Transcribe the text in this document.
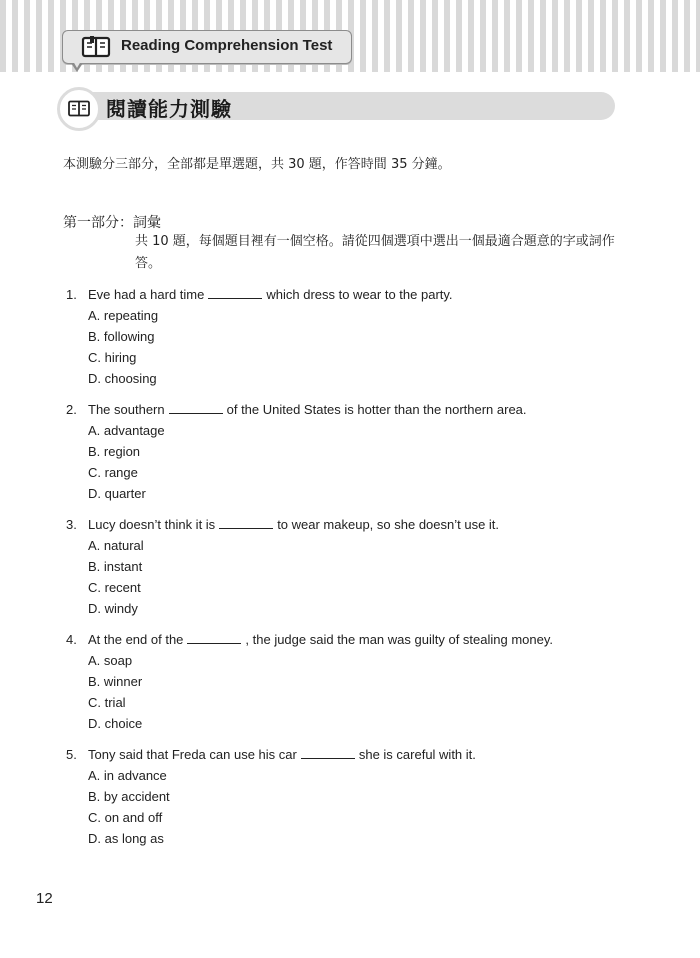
Reading Comprehension Test
閱讀能力測驗
本測驗分三部分，全部都是單選題，共 30 題，作答時間 35 分鐘。
第一部分：詞彙
共 10 題，每個題目裡有一個空格。請從四個選項中選出一個最適合題意的字或詞作答。
1. Eve had a hard time	which dress to wear to the party.
A. repeating
B. following
C. hiring
D. choosing
2. The southern	of the United States is hotter than the northern area.
A. advantage
B. region
C. range
D. quarter
3. Lucy doesn’t think it is	to wear makeup, so she doesn’t use it.
A. natural
B. instant
C. recent
D. windy
4. At the end of the	, the judge said the man was guilty of stealing money.
A. soap
B. winner
C. trial
D. choice
5. Tony said that Freda can use his car	she is careful with it.
A. in advance
B. by accident
C. on and off
D. as long as
12
